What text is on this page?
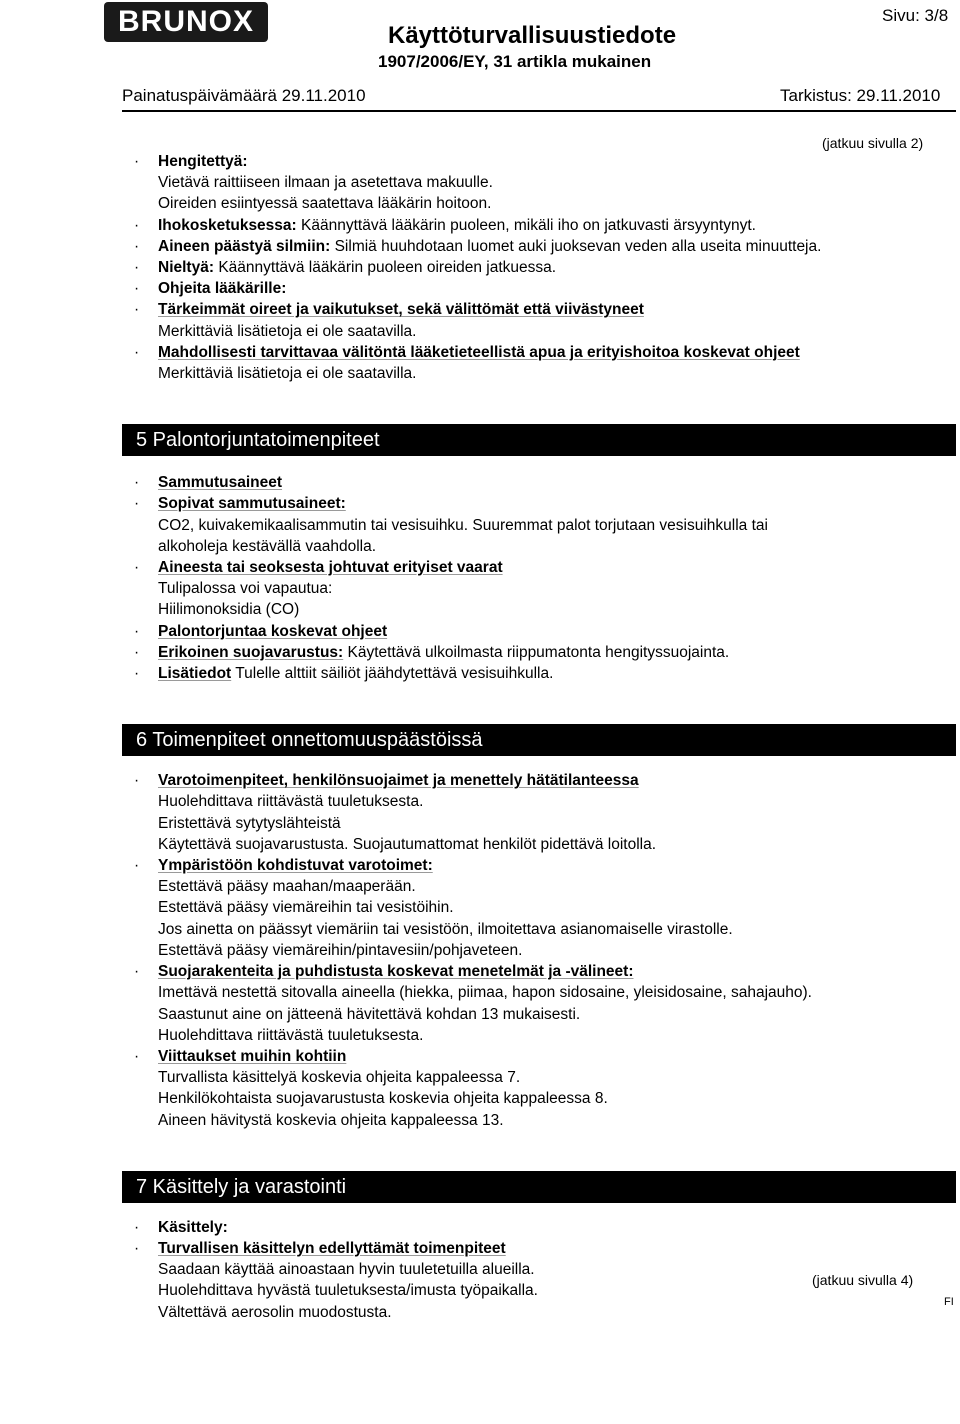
BRUNOX	Käyttöturvallisuustiedote
1907/2006/EY, 31 artikla mukainen
Sivu: 3/8
Painatuspäivämäärä 29.11.2010	Tarkistus: 29.11.2010
(jatkuu sivulla 2)
· Hengitettyä:
Vietävä raittiiseen ilmaan ja asetettava makuulle.
Oireiden esiintyessä saatettava lääkärin hoitoon.
· Ihokosketuksessa: Käännyttävä lääkärin puoleen, mikäli iho on jatkuvasti ärsyyntynyt.
· Aineen päästyä silmiin: Silmiä huuhdotaan luomet auki juoksevan veden alla useita minuutteja.
· Nieltyä: Käännyttävä lääkärin puoleen oireiden jatkuessa.
· Ohjeita lääkärille:
· Tärkeimmät oireet ja vaikutukset, sekä välittömät että viivästyneet
Merkittäviä lisätietoja ei ole saatavilla.
· Mahdollisesti tarvittavaa välitöntä lääketieteellistä apua ja erityishoitoa koskevat ohjeet
Merkittäviä lisätietoja ei ole saatavilla.
5 Palontorjuntatoimenpiteet
· Sammutusaineet
· Sopivat sammutusaineet:
CO2, kuivakemikaalisammutin tai vesisuihku. Suuremmat palot torjutaan vesisuihkulla tai
alkoholeja kestävällä vaahdolla.
· Aineesta tai seoksesta johtuvat erityiset vaarat
Tulipalossa voi vapautua:
Hiilimonoksidia (CO)
· Palontorjuntaa koskevat ohjeet
· Erikoinen suojavarustus: Käytettävä ulkoilmasta riippumatonta hengityssuojainta.
· Lisätiedot Tulelle alttiit säiliöt jäähdytettävä vesisuihkulla.
6 Toimenpiteet onnettomuuspäästöissä
· Varotoimenpiteet, henkilönsuojaimet ja menettely hätätilanteessa
Huolehdittava riittävästä tuuletuksesta.
Eristettävä sytytyslähteistä
Käytettävä suojavarustusta. Suojautumattomat henkilöt pidettävä loitolla.
· Ympäristöön kohdistuvat varotoimet:
Estettävä pääsy maahan/maaperään.
Estettävä pääsy viemäreihin tai vesistöihin.
Jos ainetta on päässyt viemäriin tai vesistöön, ilmoitettava asianomaiselle virastolle.
Estettävä pääsy viemäreihin/pintavesiin/pohjaveteen.
· Suojarakenteita ja puhdistusta koskevat menetelmät ja -välineet:
Imettävä nestettä sitovalla aineella (hiekka, piimaa, hapon sidosaine, yleisidosaine, sahajauho).
Saastunut aine on jätteenä hävitettävä kohdan 13 mukaisesti.
Huolehdittava riittävästä tuuletuksesta.
· Viittaukset muihin kohtiin
Turvallista käsittelyä koskevia ohjeita kappaleessa 7.
Henkilökohtaista suojavarustusta koskevia ohjeita kappaleessa 8.
Aineen hävitystä koskevia ohjeita kappaleessa 13.
7 Käsittely ja varastointi
· Käsittely:
· Turvallisen käsittelyn edellyttämät toimenpiteet
Saadaan käyttää ainoastaan hyvin tuuletetuilla alueilla.
Huolehdittava hyvästä tuuletuksesta/imusta työpaikalla.
Vältettävä aerosolin muodostusta.
(jatkuu sivulla 4)
FI
